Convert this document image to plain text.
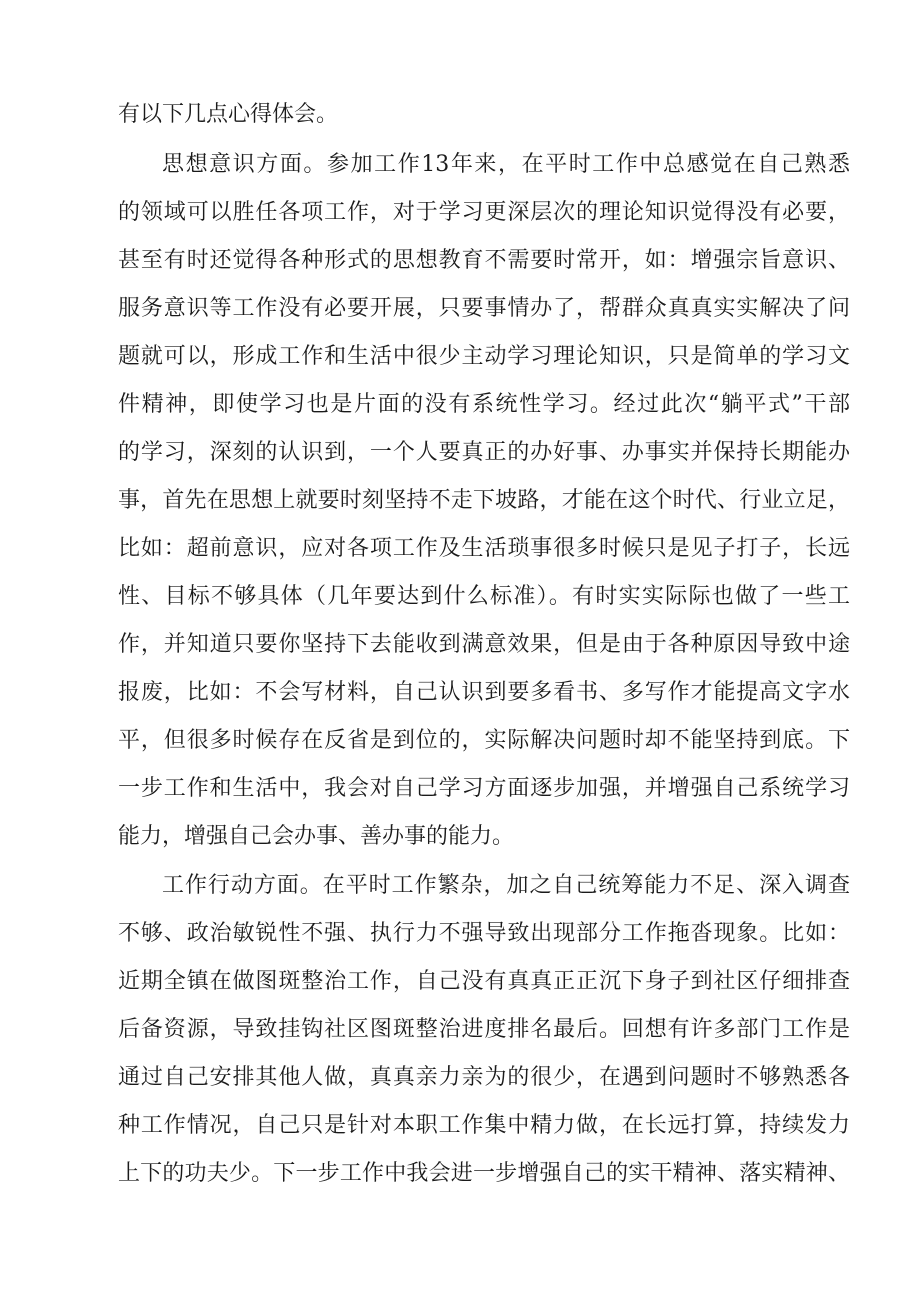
有以下几点心得体会。
思想意识方面。参加工作13年来，在平时工作中总感觉在自己熟悉
的领域可以胜任各项工作，对于学习更深层次的理论知识觉得没有必要，
甚至有时还觉得各种形式的思想教育不需要时常开，如：增强宗旨意识、
服务意识等工作没有必要开展，只要事情办了，帮群众真真实实解决了问
题就可以，形成工作和生活中很少主动学习理论知识，只是简单的学习文
件精神，即使学习也是片面的没有系统性学习。经过此次“躺平式”干部
的学习，深刻的认识到，一个人要真正的办好事、办事实并保持长期能办
事，首先在思想上就要时刻坚持不走下坡路，才能在这个时代、行业立足，
比如：超前意识，应对各项工作及生活琐事很多时候只是见子打子，长远
性、目标不够具体（几年要达到什么标准）。有时实实际际也做了一些工
作，并知道只要你坚持下去能收到满意效果，但是由于各种原因导致中途
报废，比如：不会写材料，自己认识到要多看书、多写作才能提高文字水
平，但很多时候存在反省是到位的，实际解决问题时却不能坚持到底。下
一步工作和生活中，我会对自己学习方面逐步加强，并增强自己系统学习
能力，增强自己会办事、善办事的能力。
工作行动方面。在平时工作繁杂，加之自己统筹能力不足、深入调查
不够、政治敏锐性不强、执行力不强导致出现部分工作拖沓现象。比如：
近期全镇在做图斑整治工作，自己没有真真正正沉下身子到社区仔细排查
后备资源，导致挂钩社区图斑整治进度排名最后。回想有许多部门工作是
通过自己安排其他人做，真真亲力亲为的很少，在遇到问题时不够熟悉各
种工作情况，自己只是针对本职工作集中精力做，在长远打算，持续发力
上下的功夫少。下一步工作中我会进一步增强自己的实干精神、落实精神、
